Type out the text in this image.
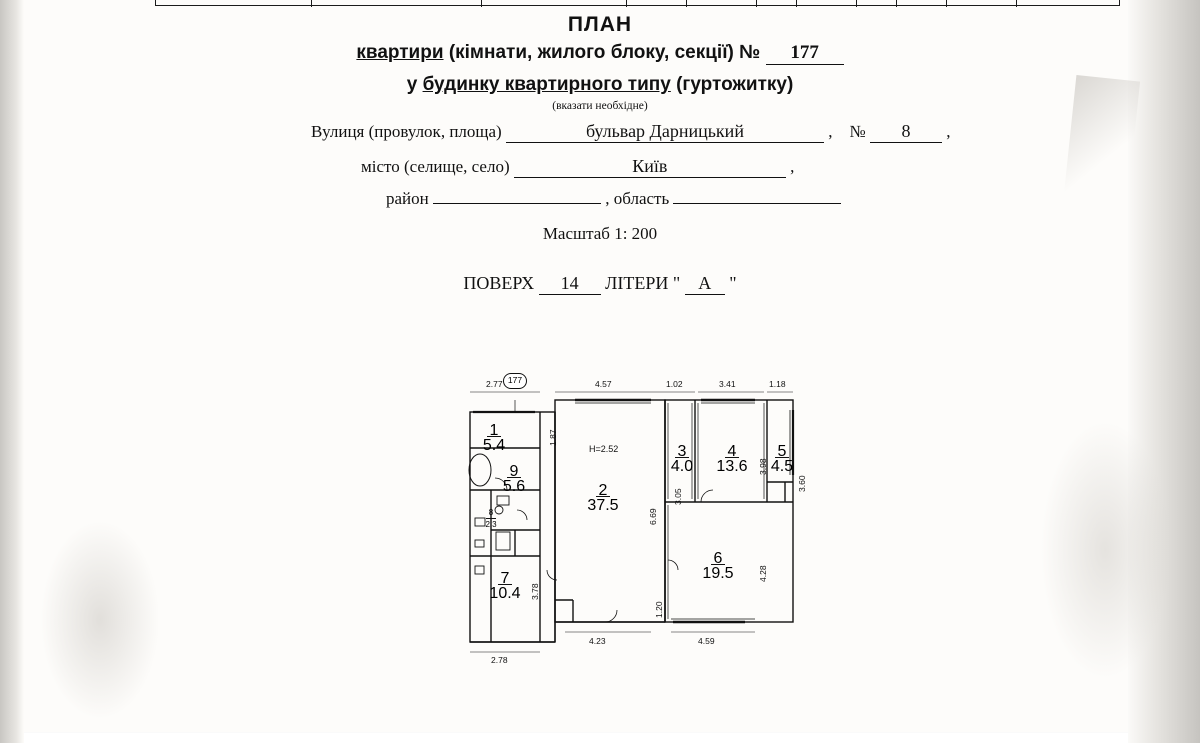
ПЛАН
квартири (кімнати, жилого блоку, секції) № 177
у будинку квартирного типу (гуртожитку)
(вказати необхідне)
Вулиця (провулок, площа)	бульвар Дарницький	, № 8 ,
місто (селище, село)	Київ	,
район	, область
Масштаб 1: 200
ПОВЕРХ 14 ЛІТЕРИ " А "
177
2.77	4.57	1.02	3.41	1.18
1.87
3.78
6.69
3.05
1.20
3.98
3.60
4.28
2.78
4.23	4.59
H=2.52
1
5.4
9
5.6
8
2.3
7
10.4
2
37.5
3
4.0
4
13.6
5
4.5
6
19.5
